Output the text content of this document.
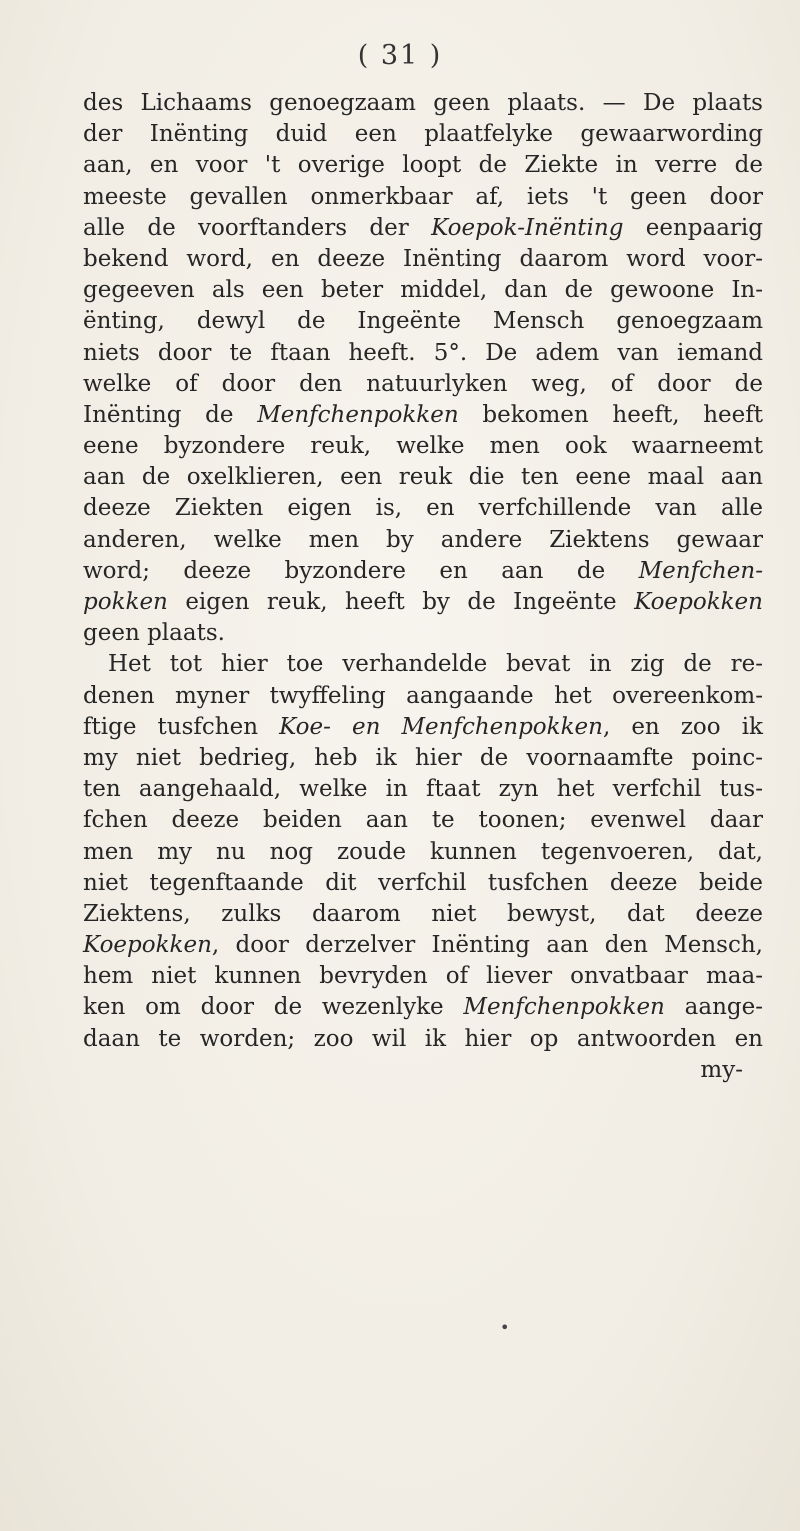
( 31 )
des Lichaams genoegzaam geen plaats. — De plaats
der Inënting duid een plaatfelyke gewaarwording
aan, en voor 't overige loopt de Ziekte in verre de
meeste gevallen onmerkbaar af, iets 't geen door
alle de voorftanders der Koepok-Inënting eenpaarig
bekend word, en deeze Inënting daarom word voor-
gegeeven als een beter middel, dan de gewoone In-
ënting, dewyl de Ingeënte Mensch genoegzaam
niets door te ftaan heeft. 5°. De adem van iemand
welke of door den natuurlyken weg, of door de
Inënting de Menfchenpokken bekomen heeft, heeft
eene byzondere reuk, welke men ook waarneemt
aan de oxelklieren, een reuk die ten eene maal aan
deeze Ziekten eigen is, en verfchillende van alle
anderen, welke men by andere Ziektens gewaar
word; deeze byzondere en aan de Menfchen-
pokken eigen reuk, heeft by de Ingeënte Koepokken
geen plaats.
Het tot hier toe verhandelde bevat in zig de re-
denen myner twyffeling aangaande het overeenkom-
ftige tusfchen Koe- en Menfchenpokken, en zoo ik
my niet bedrieg, heb ik hier de voornaamfte poinc-
ten aangehaald, welke in ftaat zyn het verfchil tus-
fchen deeze beiden aan te toonen; evenwel daar
men my nu nog zoude kunnen tegenvoeren, dat,
niet tegenftaande dit verfchil tusfchen deeze beide
Ziektens, zulks daarom niet bewyst, dat deeze
Koepokken, door derzelver Inënting aan den Mensch,
hem niet kunnen bevryden of liever onvatbaar maa-
ken om door de wezenlyke Menfchenpokken aange-
daan te worden; zoo wil ik hier op antwoorden en
my-
•
